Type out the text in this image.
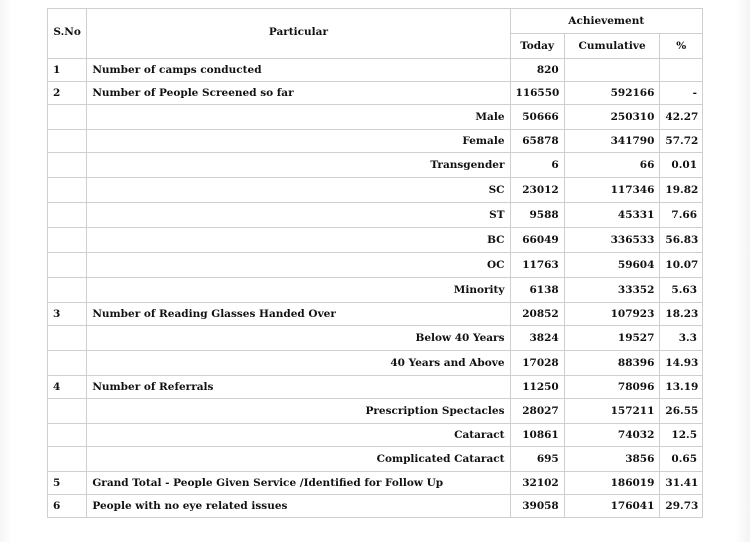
S.No	Particular	Achievement		
		Today	Cumulative	%
1	Number of camps conducted	820		
2	Number of People Screened so far	116550	592166	-
	Male	50666	250310	42.27
	Female	65878	341790	57.72
	Transgender	6	66	0.01
	SC	23012	117346	19.82
	ST	9588	45331	7.66
	BC	66049	336533	56.83
	OC	11763	59604	10.07
	Minority	6138	33352	5.63
3	Number of Reading Glasses Handed Over	20852	107923	18.23
	Below 40 Years	3824	19527	3.3
	40 Years and Above	17028	88396	14.93
4	Number of Referrals	11250	78096	13.19
	Prescription Spectacles	28027	157211	26.55
	Cataract	10861	74032	12.5
	Complicated Cataract	695	3856	0.65
5	Grand Total - People Given Service /Identified for Follow Up	32102	186019	31.41
6	People with no eye related issues	39058	176041	29.73
